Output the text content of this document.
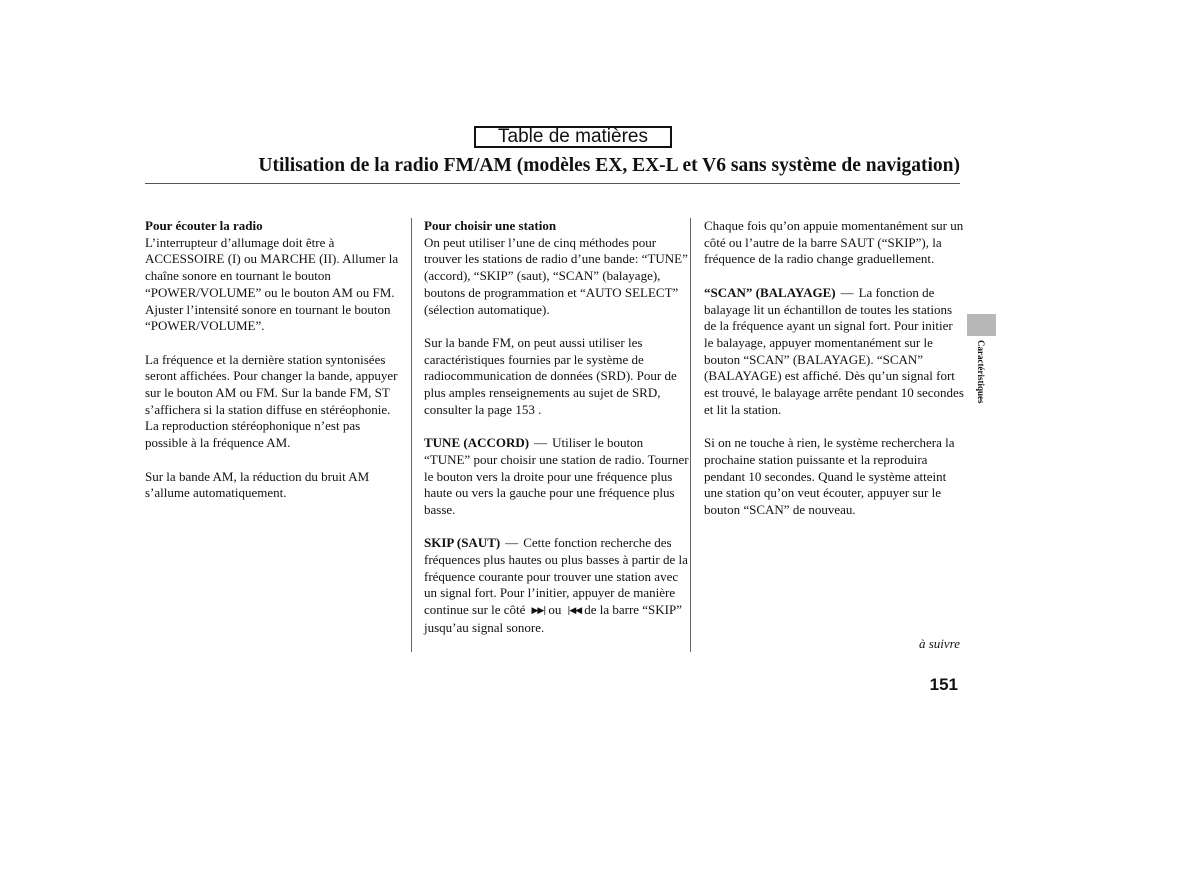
Table de matières
Utilisation de la radio FM/AM (modèles EX, EX-L et V6 sans système de navigation)
Pour écouter la radio

L’interrupteur d’allumage doit être à ACCESSOIRE (I) ou MARCHE (II). Allumer la chaîne sonore en tournant le bouton “POWER/VOLUME” ou le bouton AM ou FM. Ajuster l’intensité sonore en tournant le bouton “POWER/VOLUME”.

La fréquence et la dernière station syntonisées seront affichées. Pour changer la bande, appuyer sur le bouton AM ou FM. Sur la bande FM, ST s’affichera si la station diffuse en stéréophonie. La reproduction stéréophonique n’est pas possible à la fréquence AM.

Sur la bande AM, la réduction du bruit AM s’allume automatiquement.

Pour choisir une station

On peut utiliser l’une de cinq méthodes pour trouver les stations de radio d’une bande: “TUNE” (accord), “SKIP” (saut), “SCAN” (balayage), boutons de programmation et “AUTO SELECT” (sélection automatique).

Sur la bande FM, on peut aussi utiliser les caractéristiques fournies par le système de radiocommunication de données (SRD). Pour de plus amples renseignements au sujet de SRD, consulter la page 153 .

TUNE (ACCORD) — Utiliser le bouton “TUNE” pour choisir une station de radio. Tourner le bouton vers la droite pour une fréquence plus haute ou vers la gauche pour une fréquence plus basse.

SKIP (SAUT) — Cette fonction recherche des fréquences plus hautes ou plus basses à partir de la fréquence courante pour trouver une station avec un signal fort. Pour l’initier, appuyer de manière continue sur le côté ▶▶| ou |◀◀ de la barre “SKIP” jusqu’au signal sonore.

Chaque fois qu’on appuie momentanément sur un côté ou l’autre de la barre SAUT (“SKIP”), la fréquence de la radio change graduellement.

“SCAN” (BALAYAGE) — La fonction de balayage lit un échantillon de toutes les stations de la fréquence ayant un signal fort. Pour initier le balayage, appuyer momentanément sur le bouton “SCAN” (BALAYAGE). “SCAN” (BALAYAGE) est affiché. Dès qu’un signal fort est trouvé, le balayage arrête pendant 10 secondes et lit la station.

Si on ne touche à rien, le système recherchera la prochaine station puissante et la reproduira pendant 10 secondes. Quand le système atteint une station qu’on veut écouter, appuyer sur le bouton “SCAN” de nouveau.

Caractéristiques
à suivre
151
